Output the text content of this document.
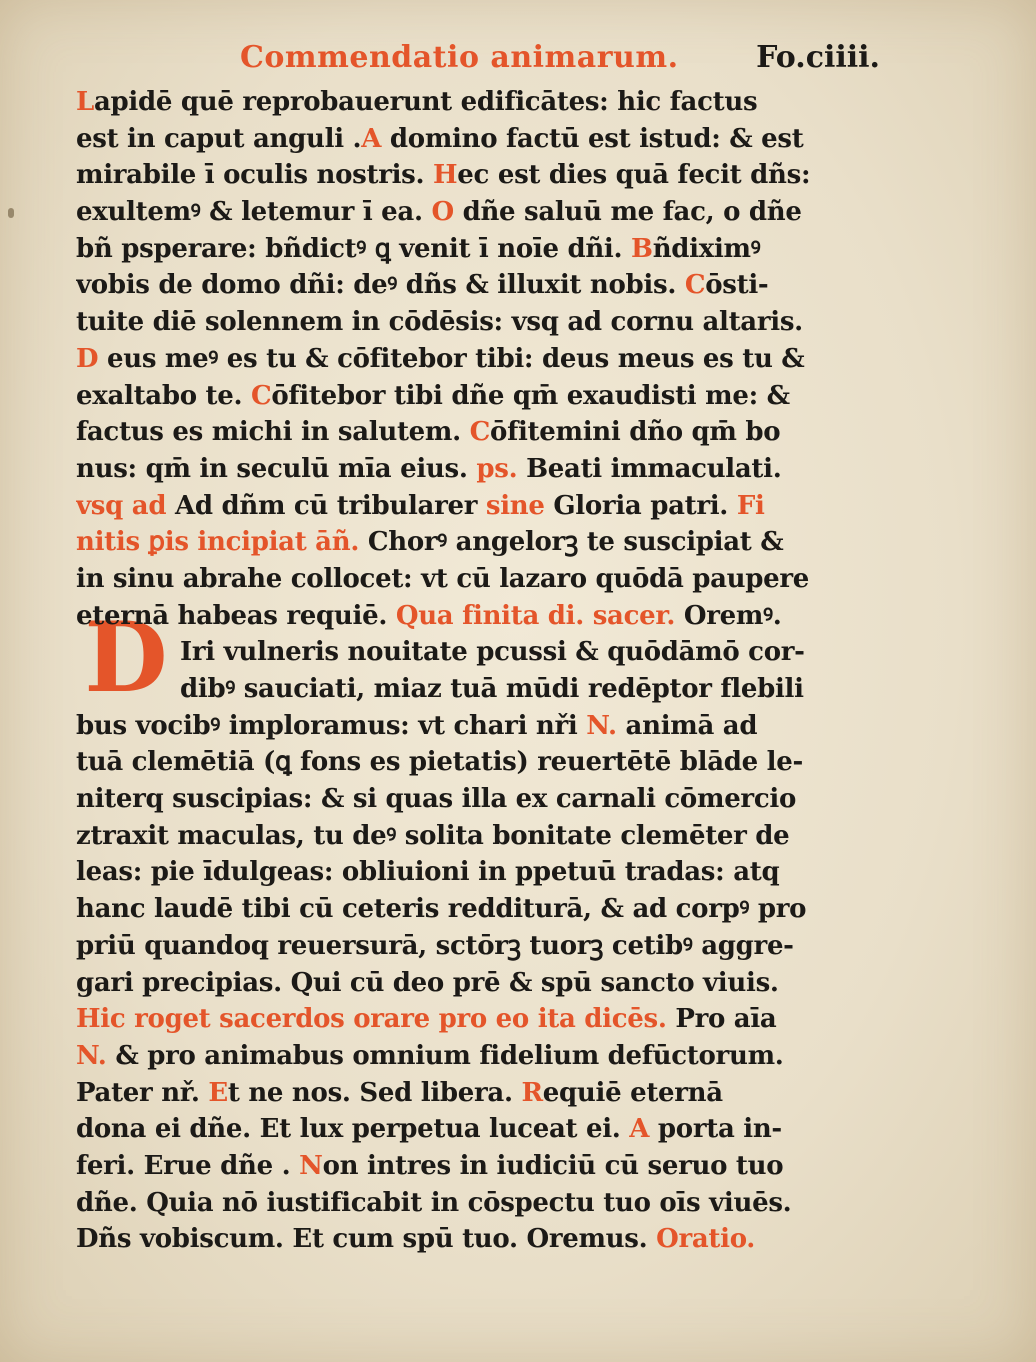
Commendatio animarum.	Fo.ciiii.
D
Lapidē quē reprobauerunt edificātes: hic factus
est in caput anguli .A domino factū est istud: & est
mirabile ī oculis nostris. Hec est dies quā fecit dñs:
exultemꝰ & letemur ī ea. O dñe saluū me fac, o dñe
bñ psperare: bñdictꝰ ꝗ venit ī noīe dñi. Bñdiximꝰ
vobis de domo dñi: deꝰ dñs & illuxit nobis. Cōsti-
tuite diē solennem in cōdēsis: vsq ad cornu altaris.
D eus meꝰ es tu & cōfitebor tibi: deus meus es tu &
exaltabo te. Cōfitebor tibi dñe qm̄ exaudisti me: &
factus es michi in salutem. Cōfitemini dño qm̄ bo
nus: qm̄ in seculū mīa eius. ps. Beati immaculati.
vsq ad Ad dñm cū tribularer sine Gloria patri. Fi
nitis ꝑis incipiat āñ. Chorꝰ angelorꝫ te suscipiat &
in sinu abrahe collocet: vt cū lazaro quōdā paupere
eternā habeas requiē. Qua finita di. sacer. Oremꝰ.
Iri vulneris nouitate pcussi & quōdāmō cor-
dibꝰ sauciati, miaz tuā mūdi redēptor flebili
bus vocibꝰ imploramus: vt chari nři N. animā ad
tuā clemētiā (ꝗ fons es pietatis) reuertētē blāde le-
niterq suscipias: & si quas illa ex carnali cōmercio
ztraxit maculas, tu deꝰ solita bonitate clemēter de
leas: pie īdulgeas: obliuioni in ppetuū tradas: atq
hanc laudē tibi cū ceteris redditurā, & ad corpꝰ pro
priū quandoq reuersurā, sctōrꝫ tuorꝫ cetibꝰ aggre-
gari precipias. Qui cū deo prē & spū sancto viuis.
Hic roget sacerdos orare pro eo ita dicēs. Pro aīa
N. & pro animabus omnium fidelium defūctorum.
Pater nř. Et ne nos. Sed libera. Requiē eternā
dona ei dñe. Et lux perpetua luceat ei. A porta in-
feri. Erue dñe . Non intres in iudiciū cū seruo tuo
dñe. Quia nō iustificabit in cōspectu tuo oīs viuēs.
Dñs vobiscum. Et cum spū tuo. Oremus. Oratio.
